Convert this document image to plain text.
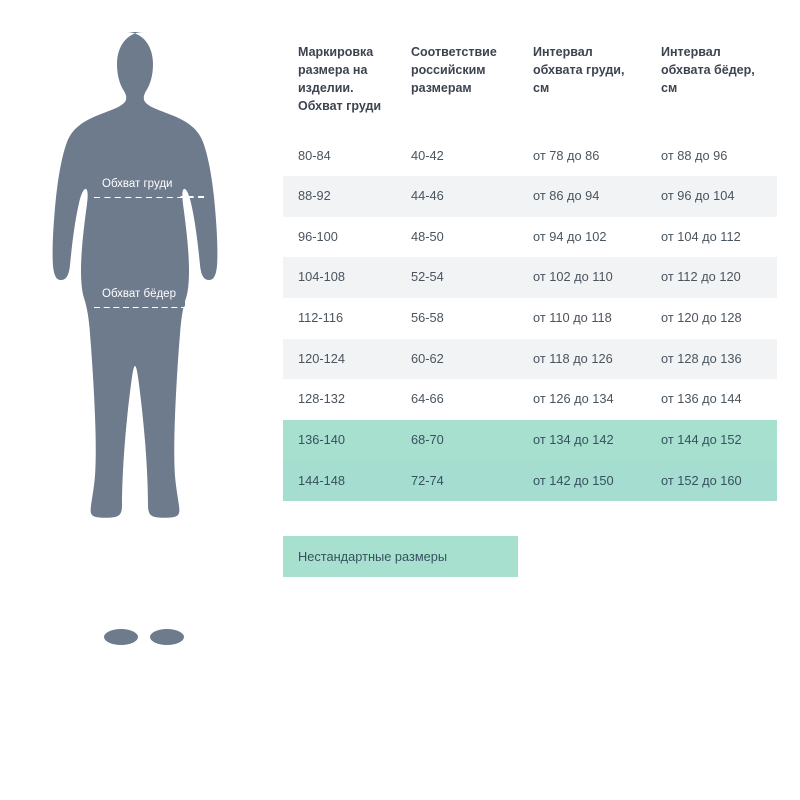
Обхват груди
Обхват бёдер
Маркировка размера на изделии. Обхват груди	Соответствие российским размерам	Интервал обхвата груди, см	Интервал обхвата бёдер, см
80-84	40-42	от 78 до 86	от 88 до 96
88-92	44-46	от 86 до 94	от 96 до 104
96-100	48-50	от 94 до 102	от 104 до 112
104-108	52-54	от 102 до 110	от 112 до 120
112-116	56-58	от 110 до 118	от 120 до 128
120-124	60-62	от 118 до 126	от 128 до 136
128-132	64-66	от 126 до 134	от 136 до 144
136-140	68-70	от 134 до 142	от 144 до 152
144-148	72-74	от 142 до 150	от 152 до 160
Нестандартные размеры
